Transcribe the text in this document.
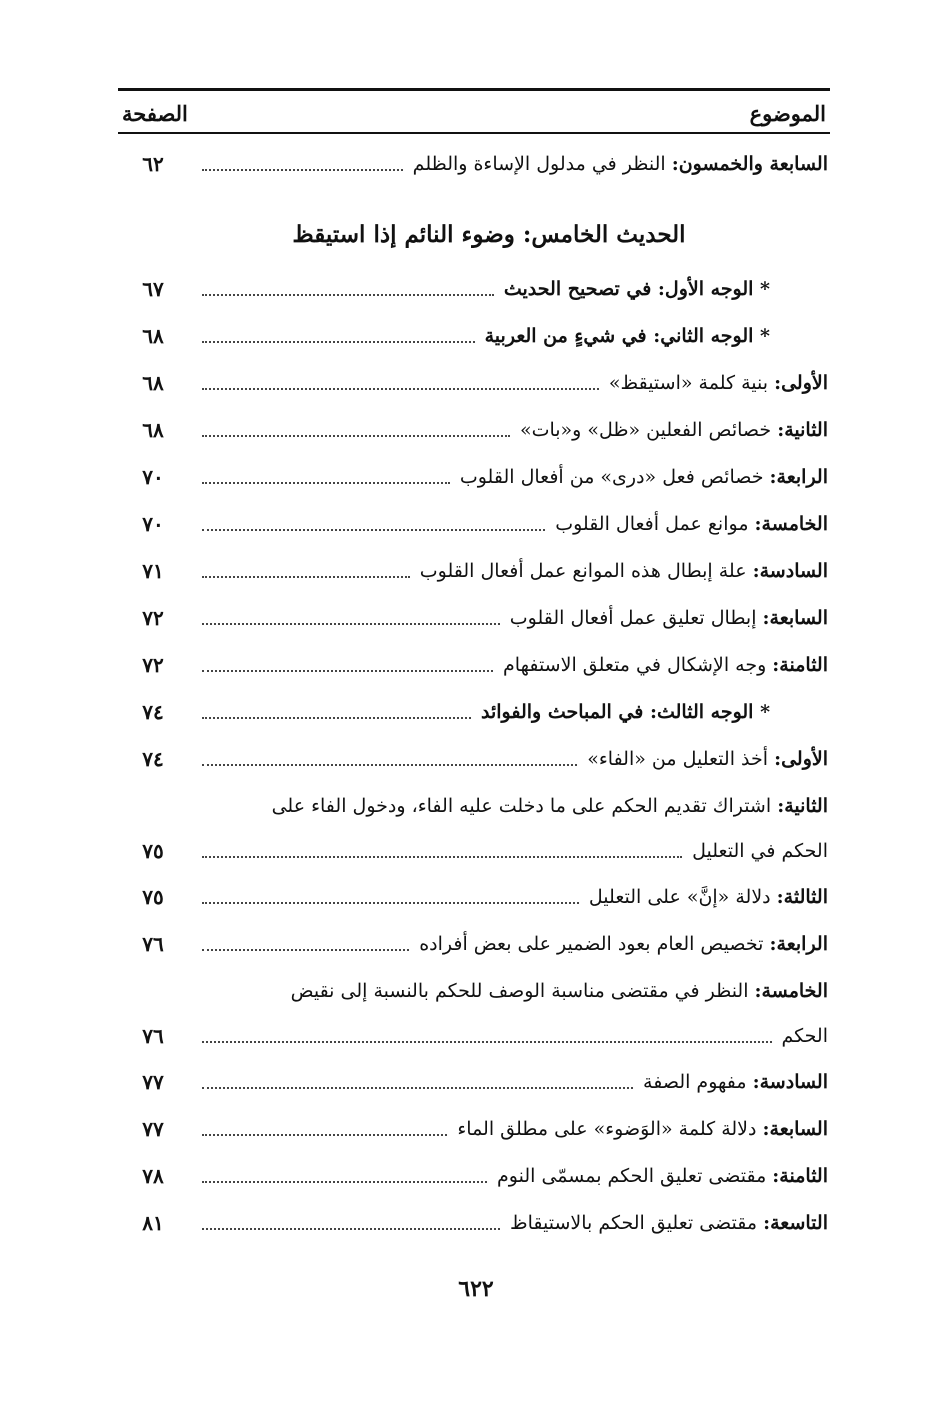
الموضوع
الصفحة
السابعة والخمسون: النظر في مدلول الإساءة والظلم
٦٢
الحديث الخامس: وضوء النائم إذا استيقظ
* الوجه الأول: في تصحيح الحديث
٦٧
* الوجه الثاني: في شيءٍ من العربية
٦٨
الأولى: بنية كلمة «استيقظ»
٦٨
الثانية: خصائص الفعلين «ظل» و«بات»
٦٨
الرابعة: خصائص فعل «درى» من أفعال القلوب
٧٠
الخامسة: موانع عمل أفعال القلوب
٧٠
السادسة: علة إبطال هذه الموانع عمل أفعال القلوب
٧١
السابعة: إبطال تعليق عمل أفعال القلوب
٧٢
الثامنة: وجه الإشكال في متعلق الاستفهام
٧٢
* الوجه الثالث: في المباحث والفوائد
٧٤
الأولى: أخذ التعليل من «الفاء»
٧٤
الثانية: اشتراك تقديم الحكم على ما دخلت عليه الفاء، ودخول الفاء على
الحكم في التعليل
٧٥
الثالثة: دلالة «إنَّ» على التعليل
٧٥
الرابعة: تخصيص العام بعود الضمير على بعض أفراده
٧٦
الخامسة: النظر في مقتضى مناسبة الوصف للحكم بالنسبة إلى نقيض
الحكم
٧٦
السادسة: مفهوم الصفة
٧٧
السابعة: دلالة كلمة «الوَضوء» على مطلق الماء
٧٧
الثامنة: مقتضى تعليق الحكم بمسمّى النوم
٧٨
التاسعة: مقتضى تعليق الحكم بالاستيقاظ
٨١
٦٢٢
